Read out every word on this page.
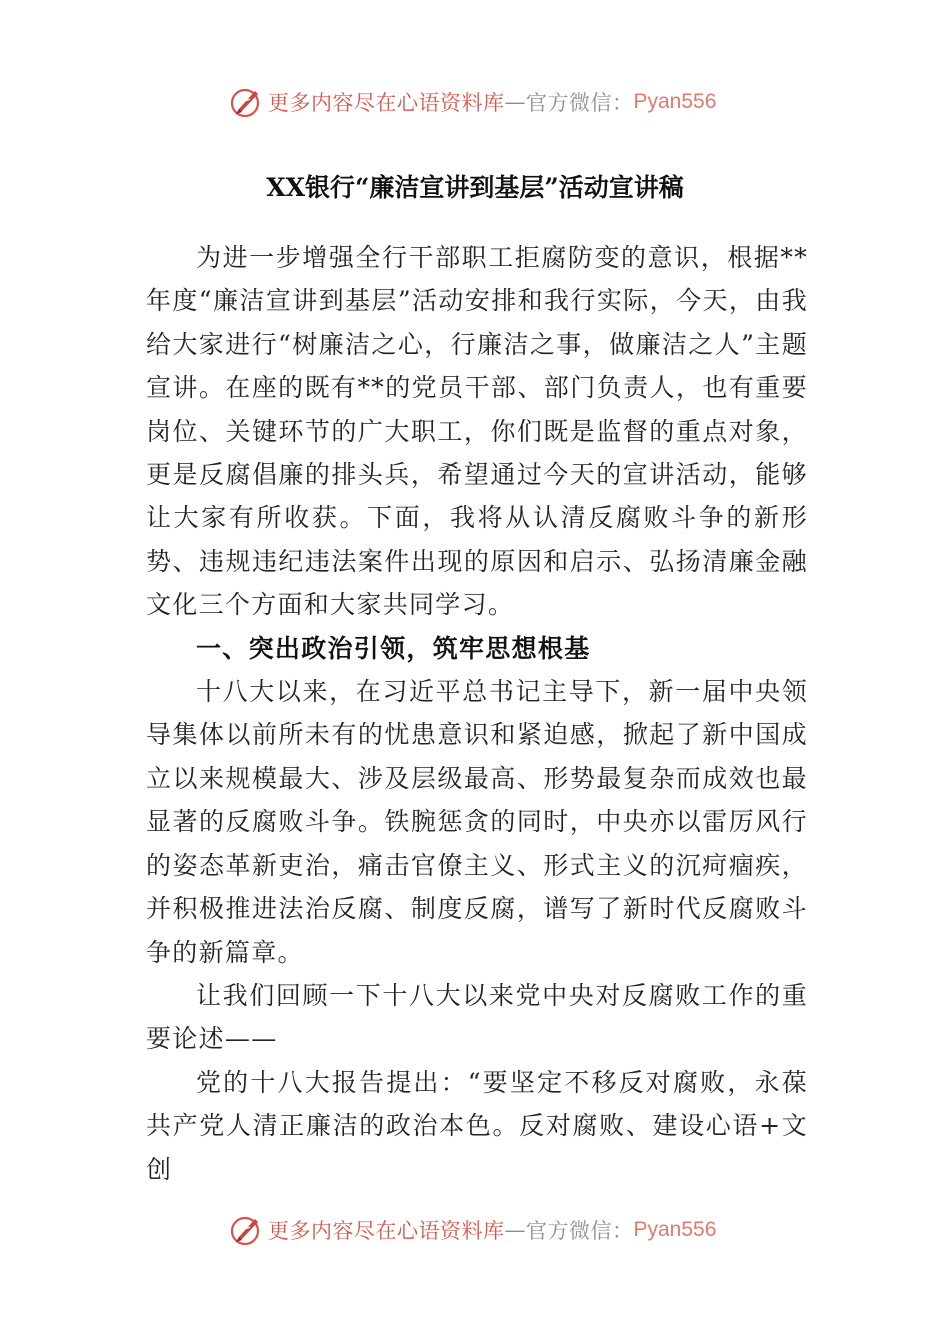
更多内容尽在心语资料库 — 官方微信： Pyan556
XX银行“廉洁宣讲到基层”活动宣讲稿

为进一步增强全行干部职工拒腐防变的意识，根据**年度“廉洁宣讲到基层”活动安排和我行实际，今天，由我给大家进行“树廉洁之心，行廉洁之事，做廉洁之人”主题宣讲。在座的既有**的党员干部、部门负责人，也有重要岗位、关键环节的广大职工，你们既是监督的重点对象，更是反腐倡廉的排头兵，希望通过今天的宣讲活动，能够让大家有所收获。下面，我将从认清反腐败斗争的新形势、违规违纪违法案件出现的原因和启示、弘扬清廉金融文化三个方面和大家共同学习。

一、突出政治引领，筑牢思想根基

十八大以来，在习近平总书记主导下，新一届中央领导集体以前所未有的忧患意识和紧迫感，掀起了新中国成立以来规模最大、涉及层级最高、形势最复杂而成效也最显著的反腐败斗争。铁腕惩贪的同时，中央亦以雷厉风行的姿态革新吏治，痛击官僚主义、形式主义的沉疴痼疾，并积极推进法治反腐、制度反腐，谱写了新时代反腐败斗争的新篇章。

让我们回顾一下十八大以来党中央对反腐败工作的重要论述——

党的十八大报告提出：“要坚定不移反对腐败，永葆共产党人清正廉洁的政治本色。反对腐败、建设心语+文创

更多内容尽在心语资料库 — 官方微信： Pyan556
